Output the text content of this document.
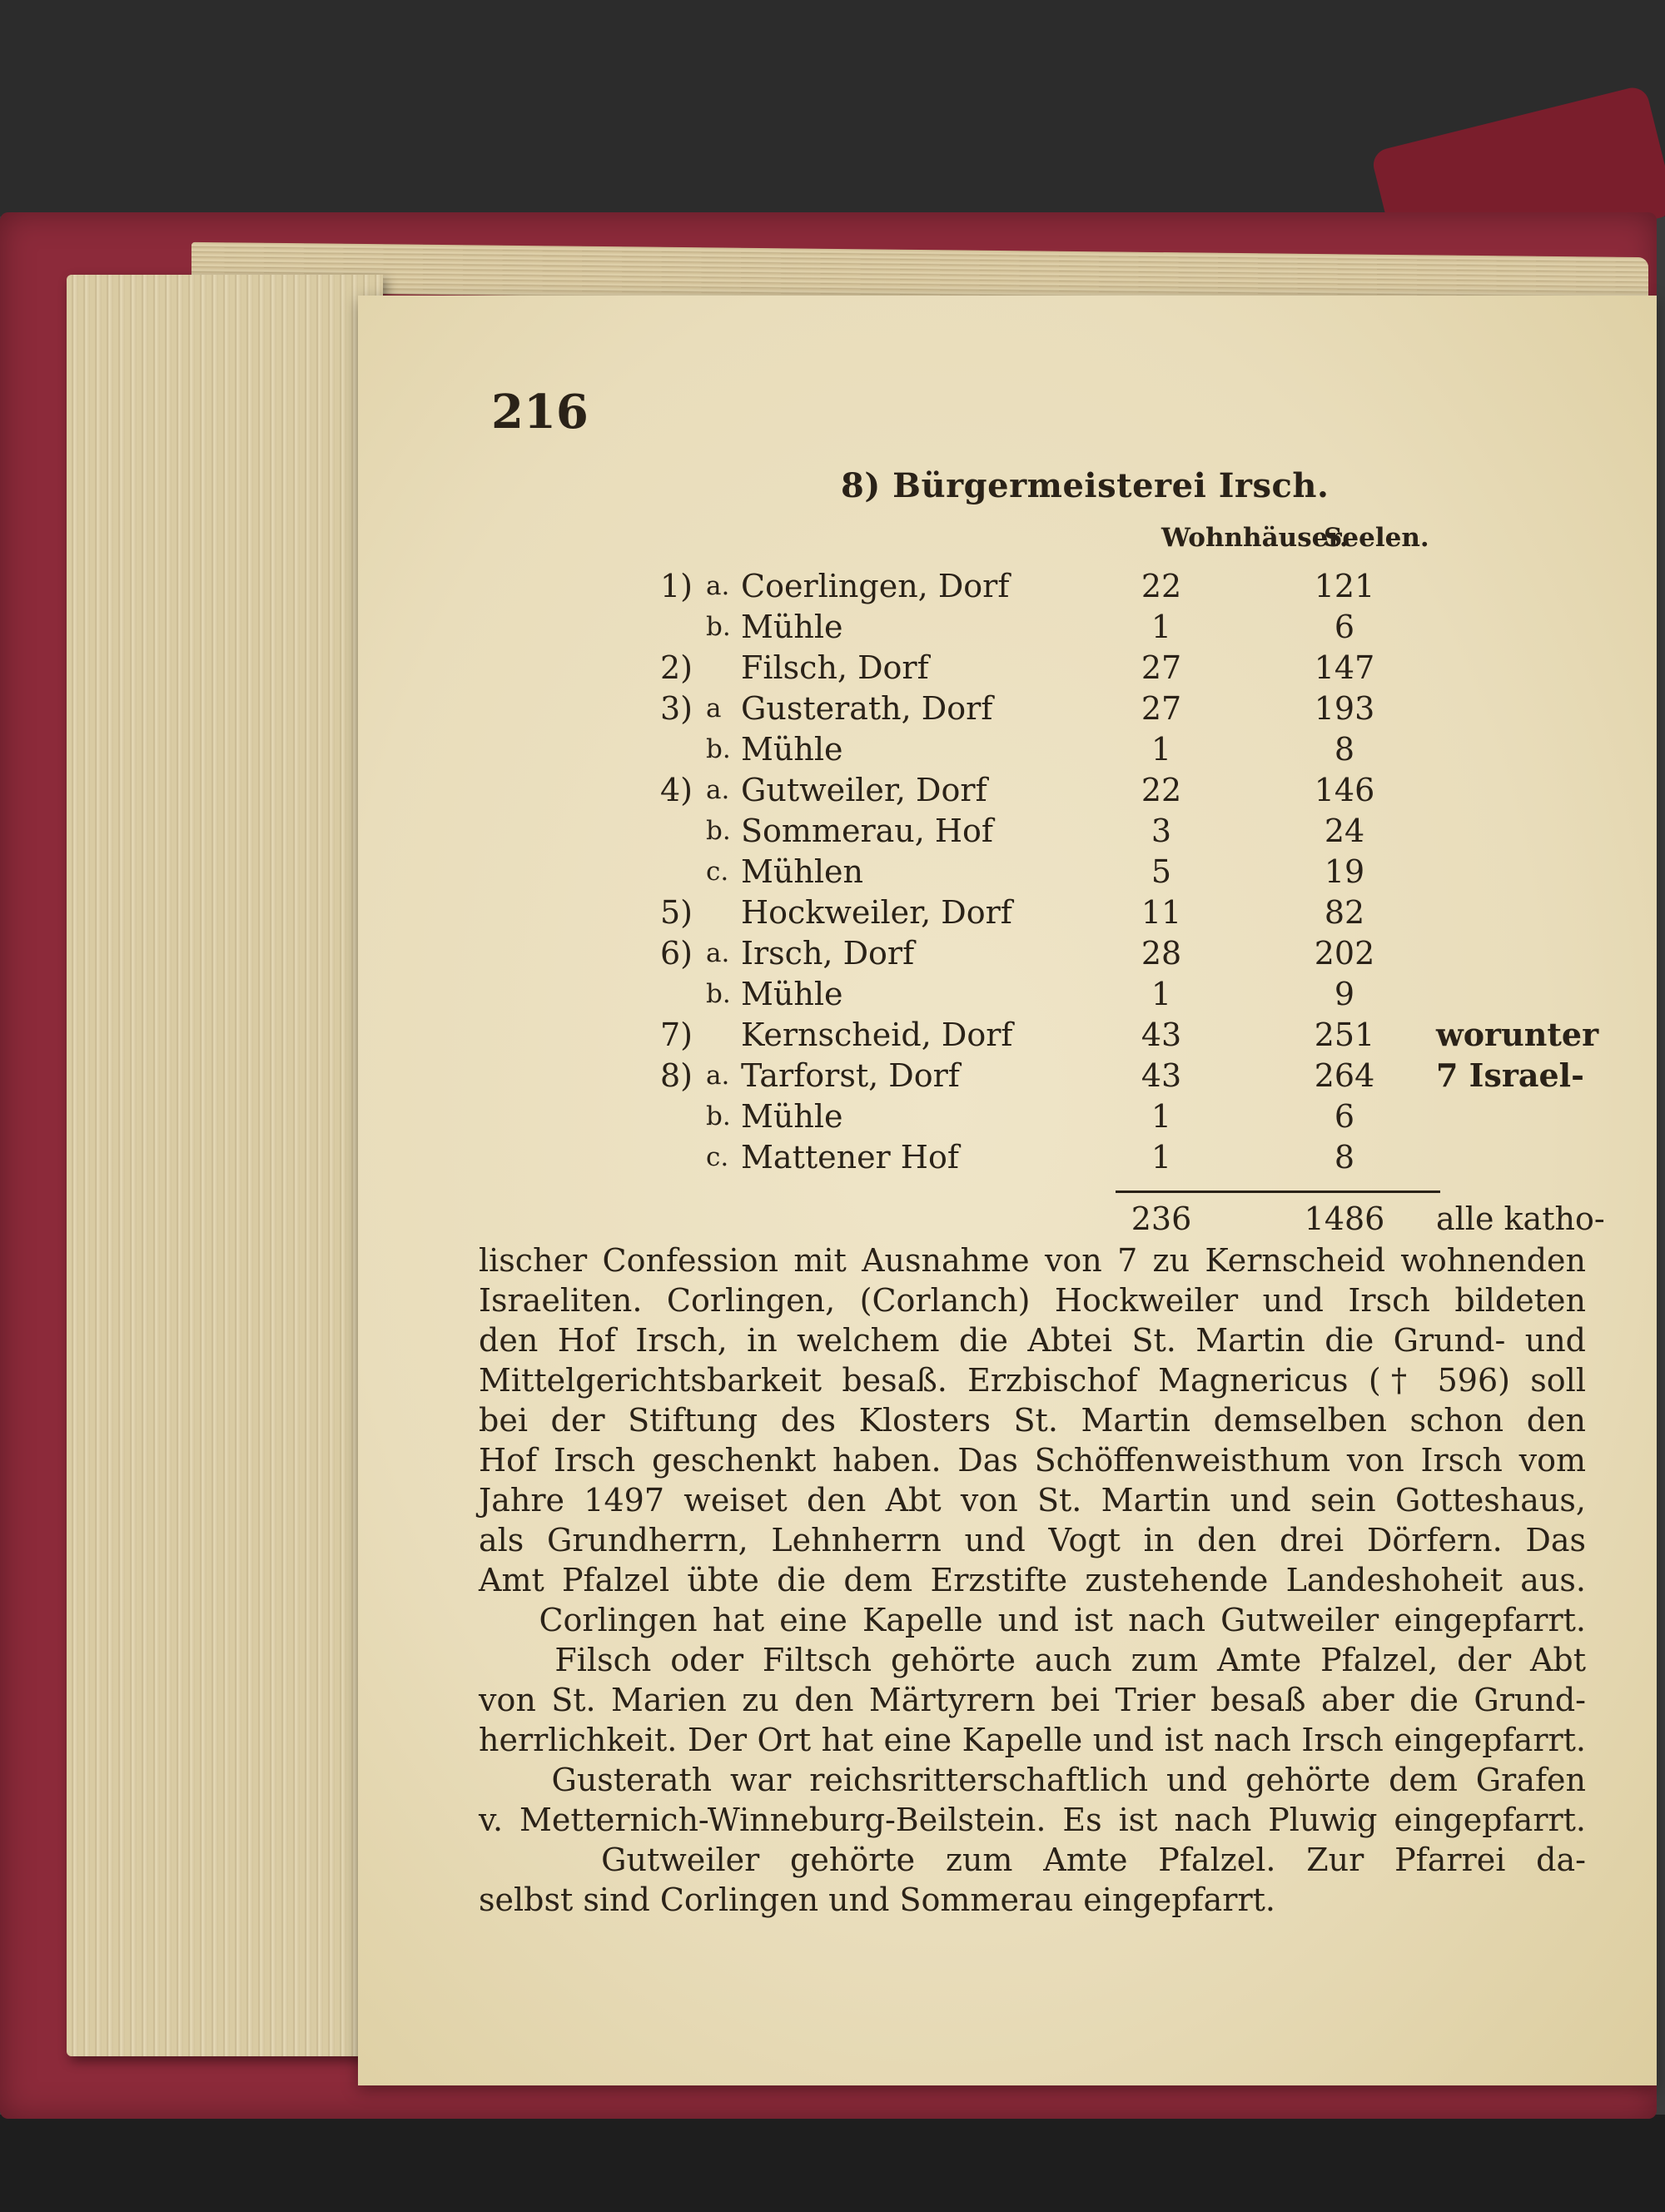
216

8) Bürgermeisterei Irsch.

Wohnhäuser.

Seelen.

1) a. Coerlingen, Dorf	22	121
b. Mühle	1	6
2) Filsch, Dorf	27	147
3) a Gusterath, Dorf	27	193
b. Mühle	1	8
4) a. Gutweiler, Dorf	22	146
b. Sommerau, Hof	3	24
c. Mühlen	5	19
5) Hockweiler, Dorf	11	82
6) a. Irsch, Dorf	28	202
b. Mühle	1	9
7) Kernscheid, Dorf	43	251	worunter
8) a. Tarforst, Dorf	43	264	7 Israel-
b. Mühle	1	6
c. Mattener Hof	1	8
236	1486 alle katho-

lischer Confession mit Ausnahme von 7 zu Kernscheid wohnenden

Israeliten. Corlingen, (Corlanch) Hockweiler und Irsch bildeten

den Hof Irsch, in welchem die Abtei St. Martin die Grund- und

Mittelgerichtsbarkeit besaß. Erzbischof Magnericus († 596) soll

bei der Stiftung des Klosters St. Martin demselben schon den

Hof Irsch geschenkt haben. Das Schöffenweisthum von Irsch vom

Jahre 1497 weiset den Abt von St. Martin und sein Gotteshaus,

als Grundherrn, Lehnherrn und Vogt in den drei Dörfern. Das

Amt Pfalzel übte die dem Erzstifte zustehende Landeshoheit aus.

Corlingen hat eine Kapelle und ist nach Gutweiler eingepfarrt.

Filsch oder Filtsch gehörte auch zum Amte Pfalzel, der Abt

von St. Marien zu den Märtyrern bei Trier besaß aber die Grund-

herrlichkeit. Der Ort hat eine Kapelle und ist nach Irsch eingepfarrt.

Gusterath war reichsritterschaftlich und gehörte dem Grafen

v. Metternich-Winneburg-Beilstein. Es ist nach Pluwig eingepfarrt.

Gutweiler gehörte zum Amte Pfalzel. Zur Pfarrei da-

selbst sind Corlingen und Sommerau eingepfarrt.
